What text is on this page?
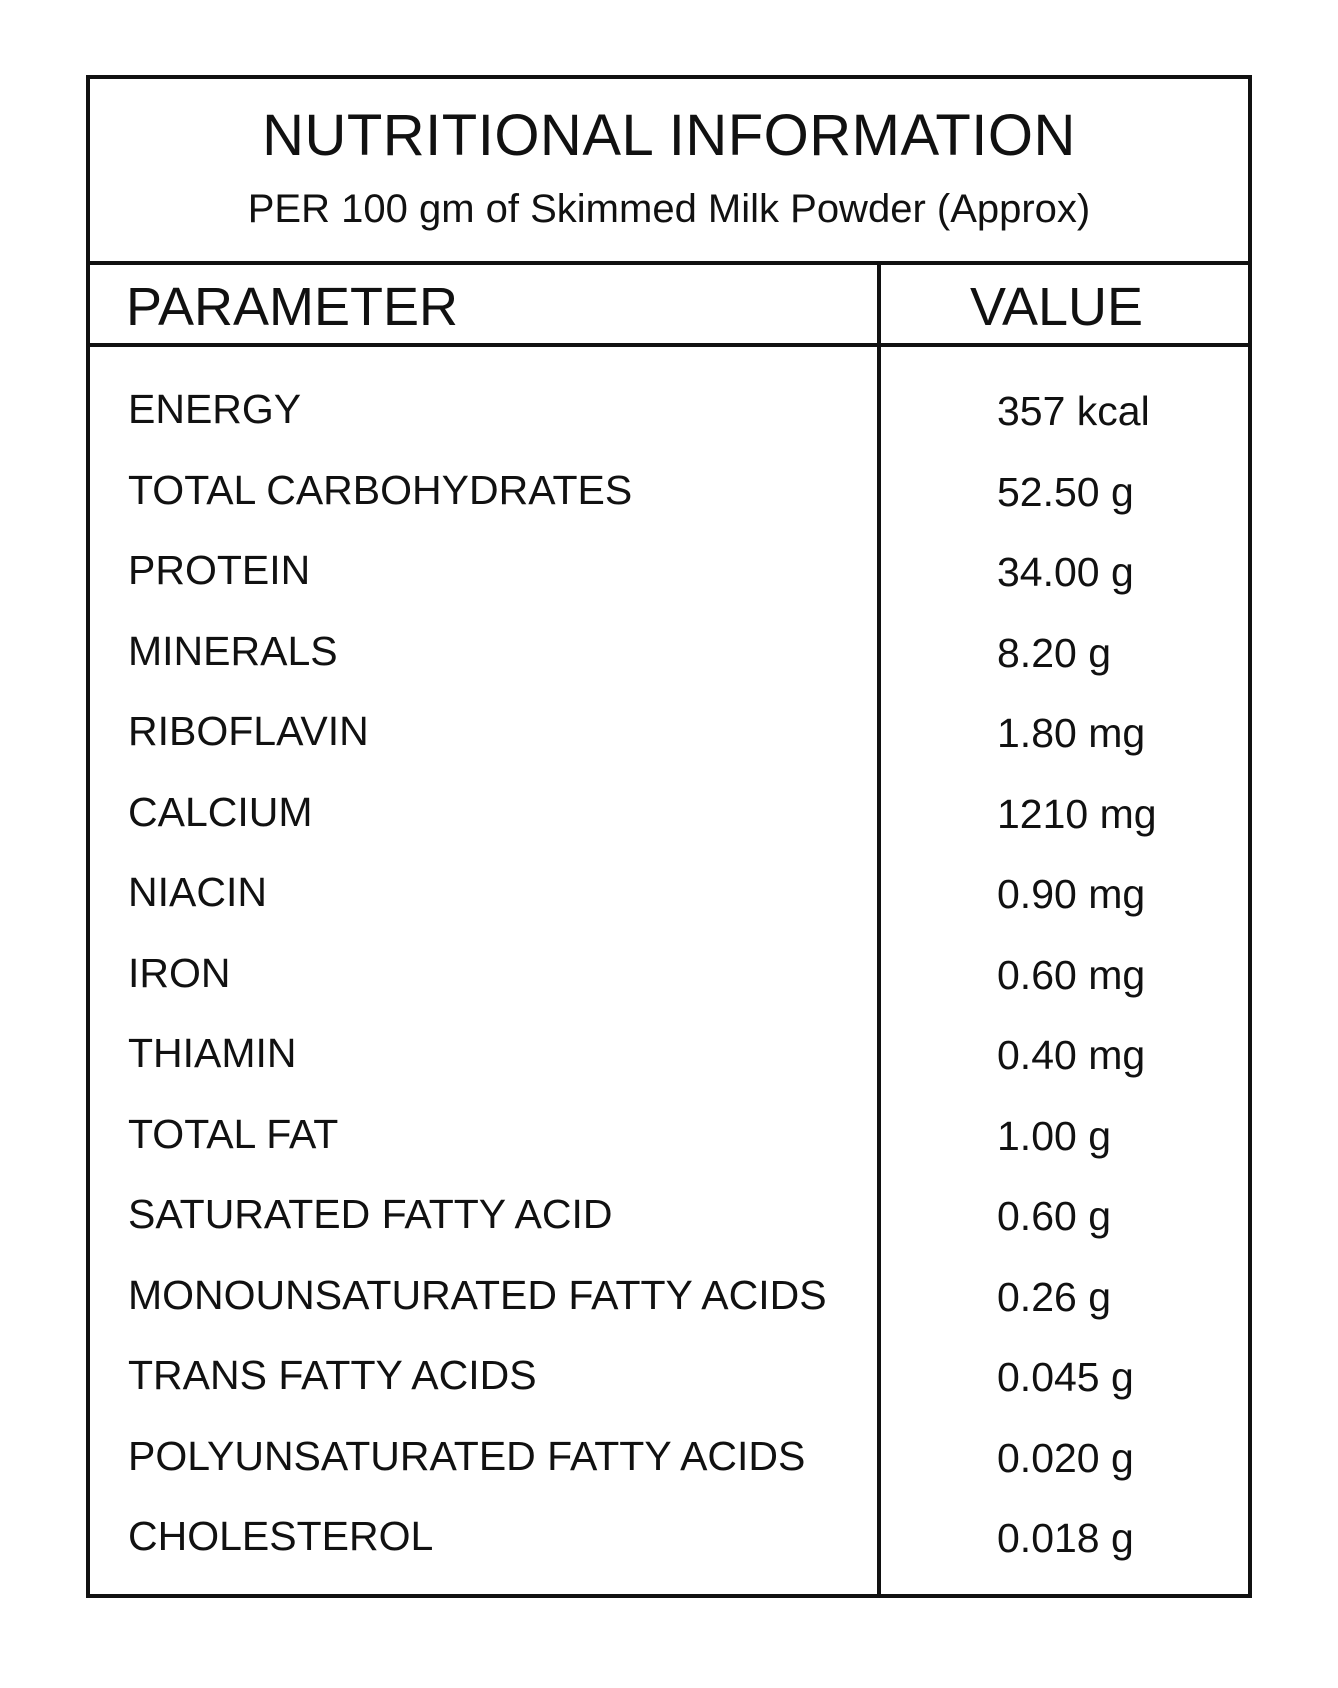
NUTRITIONAL INFORMATION
PER 100 gm of Skimmed Milk Powder (Approx)
PARAMETER	VALUE
ENERGY	357 kcal
TOTAL CARBOHYDRATES	52.50 g
PROTEIN	34.00 g
MINERALS	8.20 g
RIBOFLAVIN	1.80 mg
CALCIUM	1210 mg
NIACIN	0.90 mg
IRON	0.60 mg
THIAMIN	0.40 mg
TOTAL FAT	1.00 g
SATURATED FATTY ACID	0.60 g
MONOUNSATURATED FATTY ACIDS	0.26 g
TRANS FATTY ACIDS	0.045 g
POLYUNSATURATED FATTY ACIDS	0.020 g
CHOLESTEROL	0.018 g
